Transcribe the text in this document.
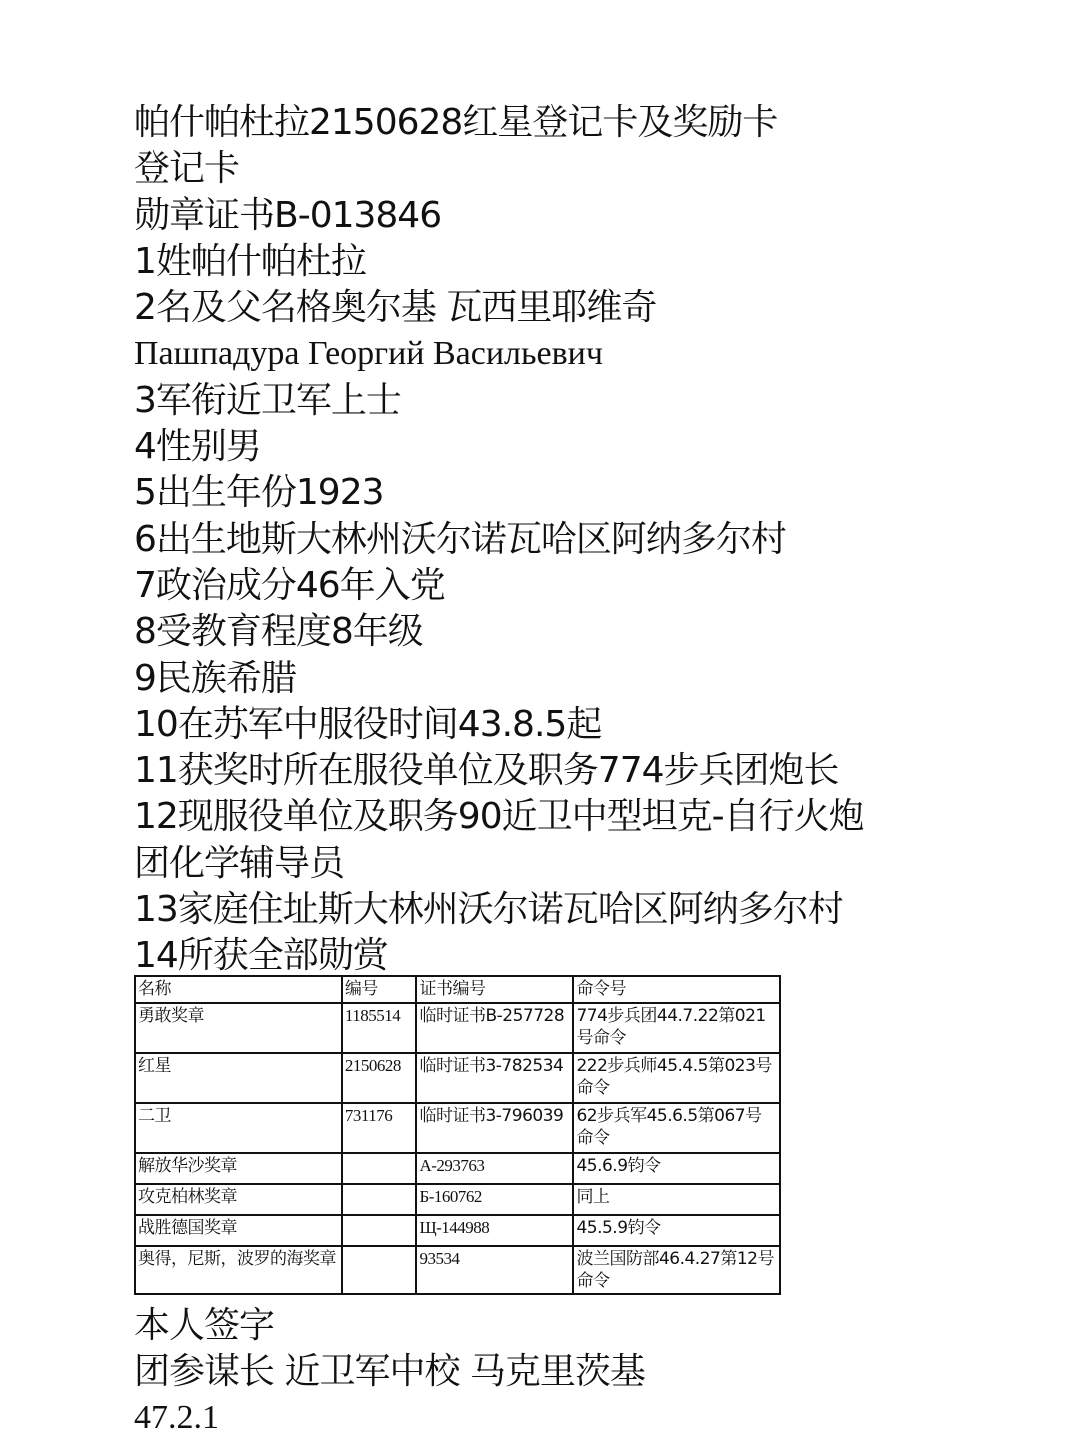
帕什帕杜拉2150628红星登记卡及奖励卡
登记卡
勋章证书B-013846
1姓帕什帕杜拉
2名及父名格奥尔基 瓦西里耶维奇
Пашпадура Георгий Васильевич
3军衔近卫军上士
4性别男
5出生年份1923
6出生地斯大林州沃尔诺瓦哈区阿纳多尔村
7政治成分46年入党
8受教育程度8年级
9民族希腊
10在苏军中服役时间43.8.5起
11获奖时所在服役单位及职务774步兵团炮长
12现服役单位及职务90近卫中型坦克-自行火炮
团化学辅导员
13家庭住址斯大林州沃尔诺瓦哈区阿纳多尔村
14所获全部勋赏
名称	编号	证书编号	命令号
勇敢奖章	1185514	临时证书B-257728	774步兵团44.7.22第021号命令
红星	2150628	临时证书3-782534	222步兵师45.4.5第023号命令
二卫	731176	临时证书3-796039	62步兵军45.6.5第067号命令
解放华沙奖章		A-293763	45.6.9钧令
攻克柏林奖章		Б-160762	同上
战胜德国奖章		Щ-144988	45.5.9钧令
奥得，尼斯，波罗的海奖章		93534	波兰国防部46.4.27第12号命令
本人签字
团参谋长 近卫军中校 马克里茨基
47.2.1
